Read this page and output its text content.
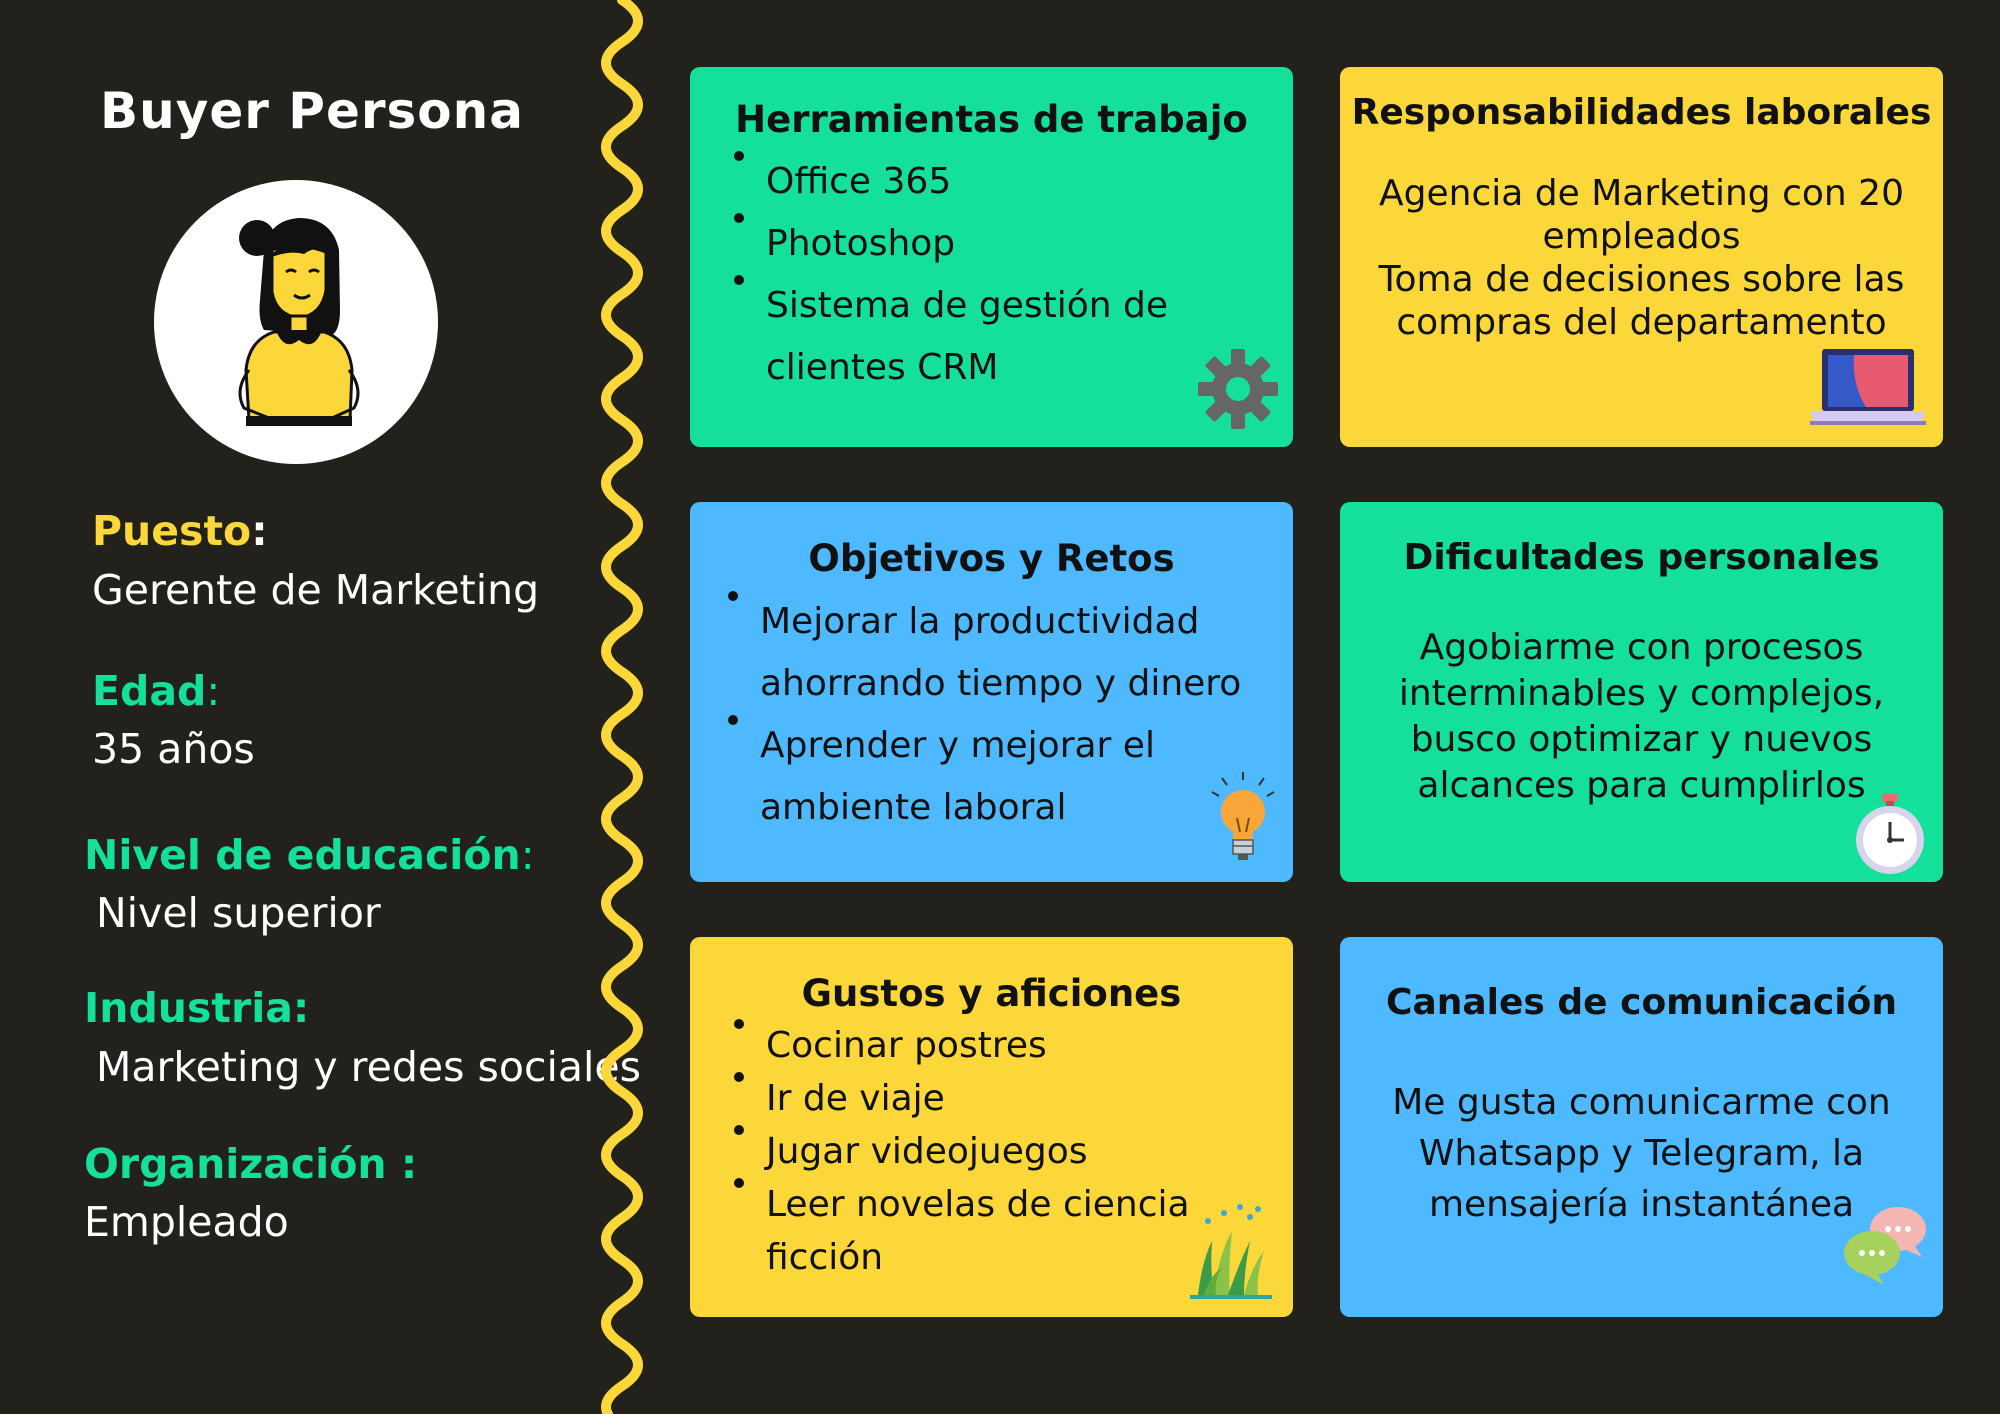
Buyer Persona
Puesto:
Gerente de Marketing
Edad:
35 años
Nivel de educación:
Nivel superior
Industria:
Marketing y redes sociales
Organización :
Empleado
Herramientas de trabajo
Office 365
Photoshop
Sistema de gestión de clientes CRM
Responsabilidades laborales
Agencia de Marketing con 20 empleados
Toma de decisiones sobre las compras del departamento
Objetivos y Retos
Mejorar la productividad ahorrando tiempo y dinero
Aprender y mejorar el ambiente laboral
Dificultades personales
Agobiarme con procesos interminables y complejos, busco optimizar y nuevos alcances para cumplirlos
Gustos y aficiones
Cocinar postres
Ir de viaje
Jugar videojuegos
Leer novelas de ciencia ficción
Canales de comunicación
Me gusta comunicarme con Whatsapp y Telegram, la mensajería instantánea
